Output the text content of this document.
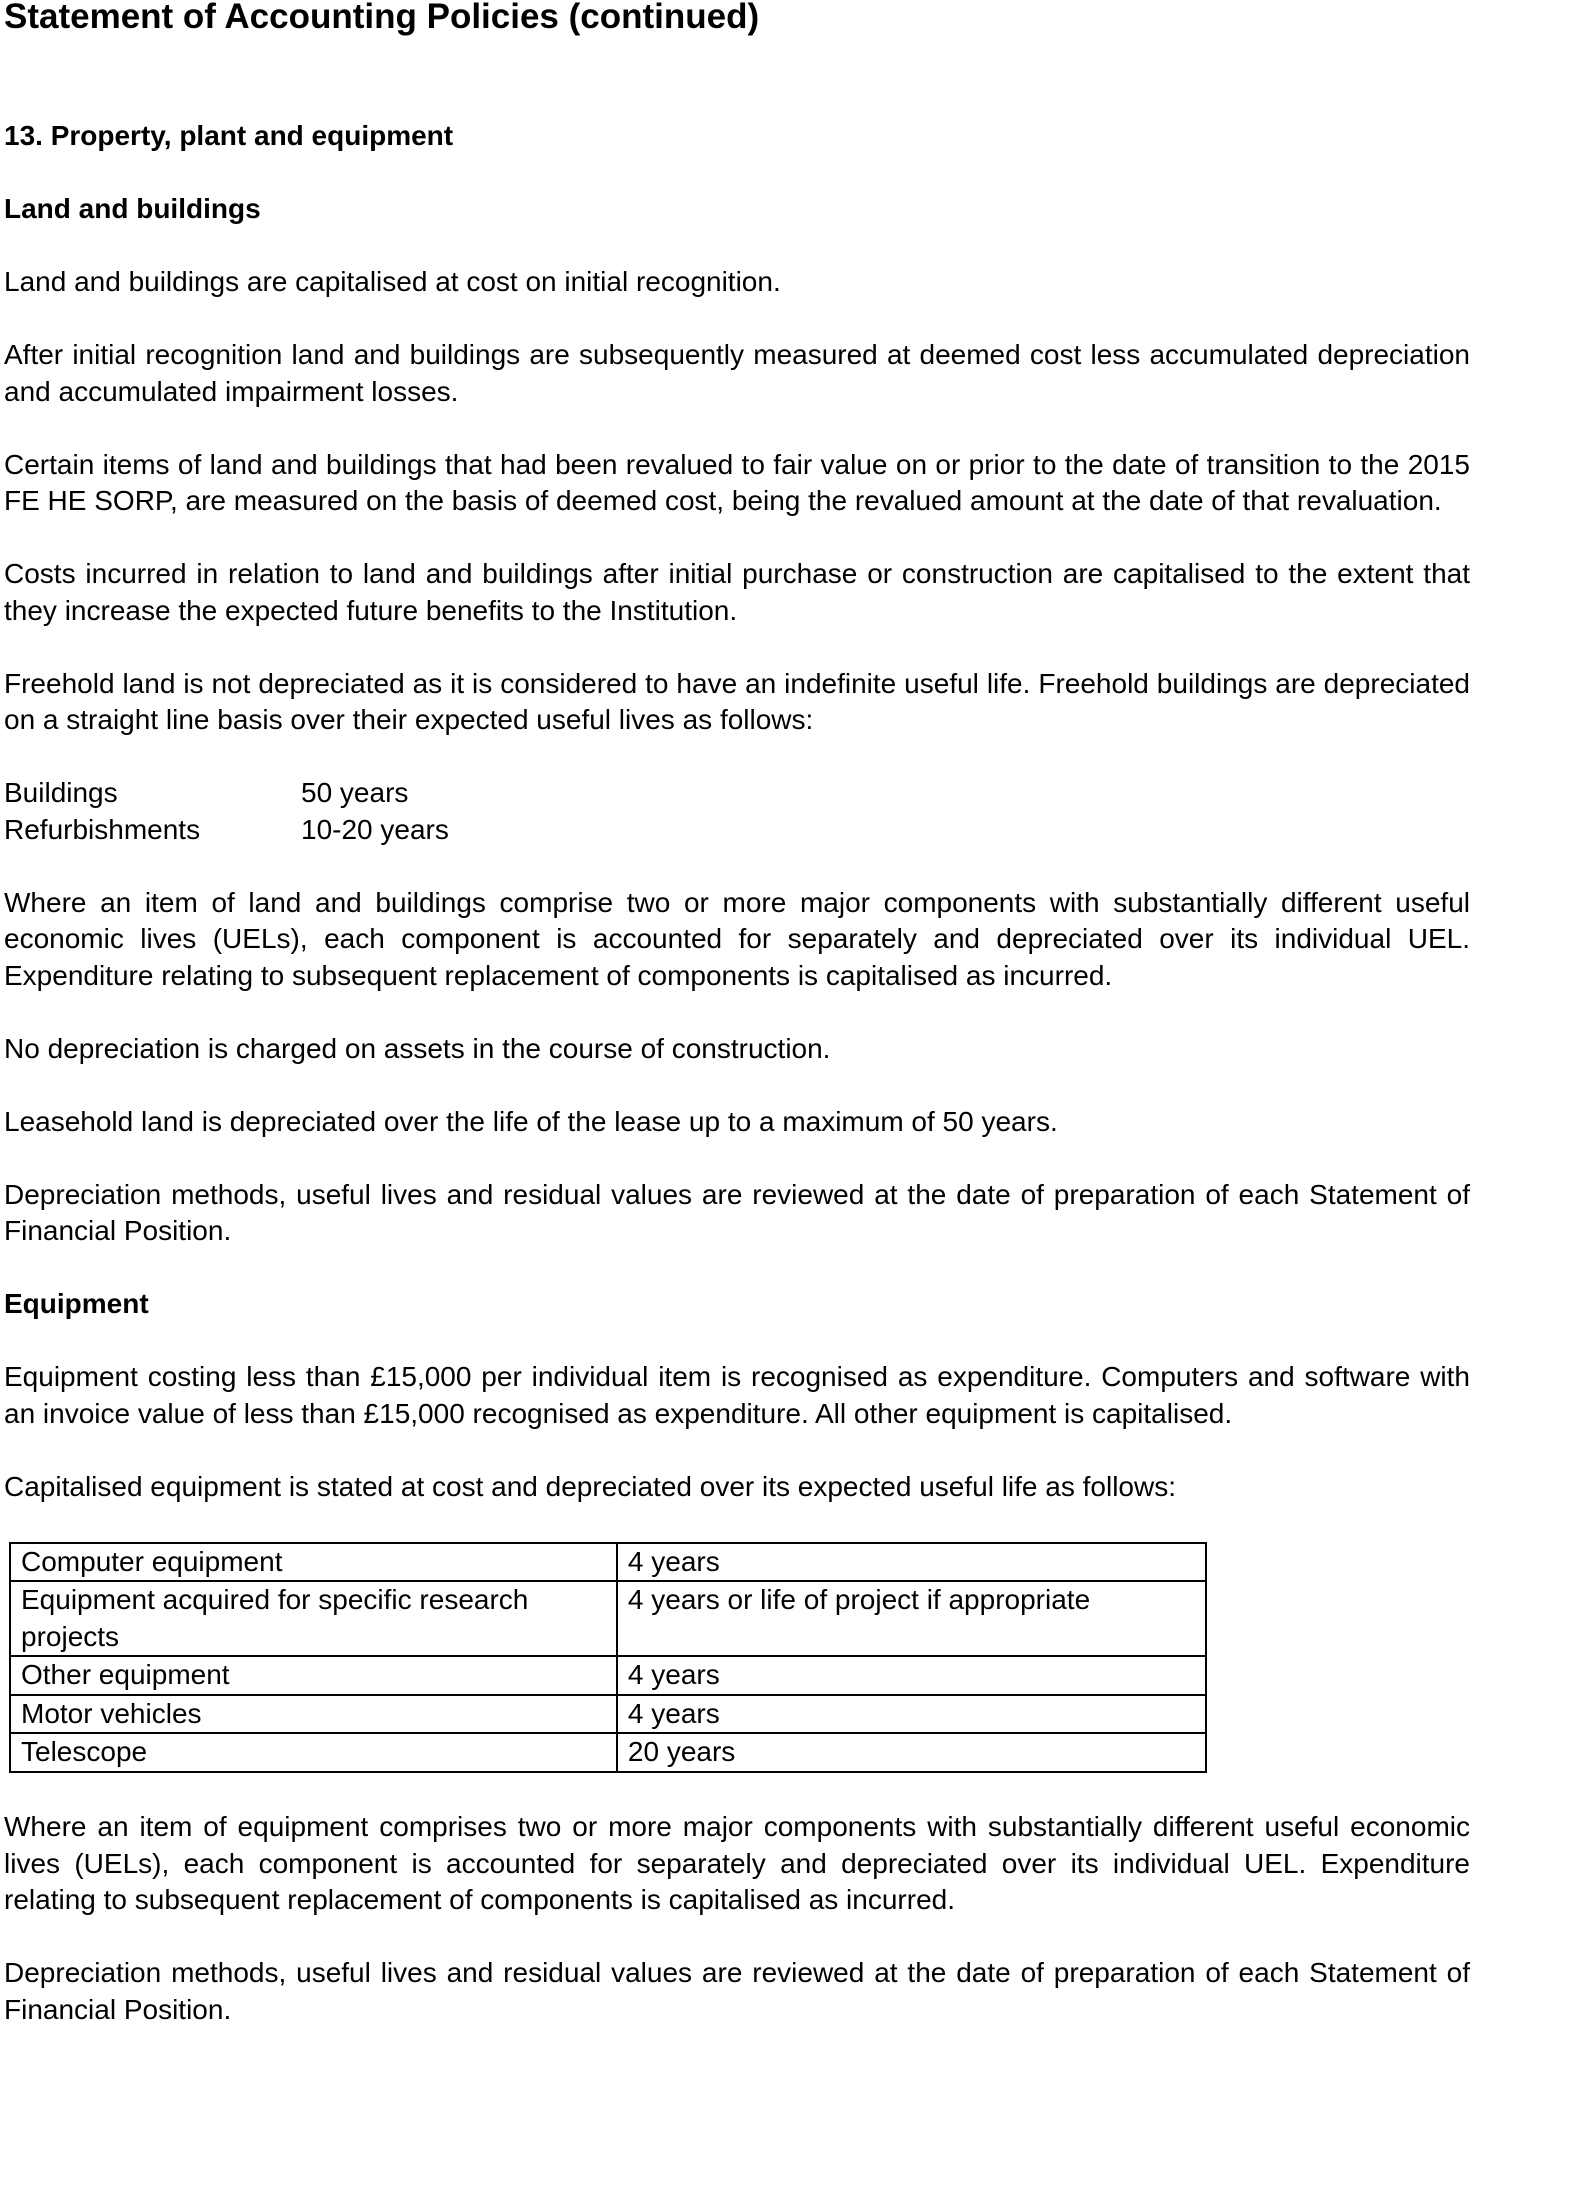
Statement of Accounting Policies (continued)
13. Property, plant and equipment
Land and buildings
Land and buildings are capitalised at cost on initial recognition.
After initial recognition land and buildings are subsequently measured at deemed cost less accumulated depreciation and accumulated impairment losses.
Certain items of land and buildings that had been revalued to fair value on or prior to the date of transition to the 2015 FE HE SORP, are measured on the basis of deemed cost, being the revalued amount at the date of that revaluation.
Costs incurred in relation to land and buildings after initial purchase or construction are capitalised to the extent that they increase the expected future benefits to the Institution.
Freehold land is not depreciated as it is considered to have an indefinite useful life. Freehold buildings are depreciated on a straight line basis over their expected useful lives as follows:
Buildings	50 years
Refurbishments	10-20 years
Where an item of land and buildings comprise two or more major components with substantially different useful economic lives (UELs), each component is accounted for separately and depreciated over its individual UEL. Expenditure relating to subsequent replacement of components is capitalised as incurred.
No depreciation is charged on assets in the course of construction.
Leasehold land is depreciated over the life of the lease up to a maximum of 50 years.
Depreciation methods, useful lives and residual values are reviewed at the date of preparation of each Statement of Financial Position.
Equipment
Equipment costing less than £15,000 per individual item is recognised as expenditure. Computers and software with an invoice value of less than £15,000 recognised as expenditure. All other equipment is capitalised.
Capitalised equipment is stated at cost and depreciated over its expected useful life as follows:
Computer equipment	4 years
Equipment acquired for specific research projects	4 years or life of project if appropriate
Other equipment	4 years
Motor vehicles	4 years
Telescope	20 years
Where an item of equipment comprises two or more major components with substantially different useful economic lives (UELs), each component is accounted for separately and depreciated over its individual UEL. Expenditure relating to subsequent replacement of components is capitalised as incurred.
Depreciation methods, useful lives and residual values are reviewed at the date of preparation of each Statement of Financial Position.
